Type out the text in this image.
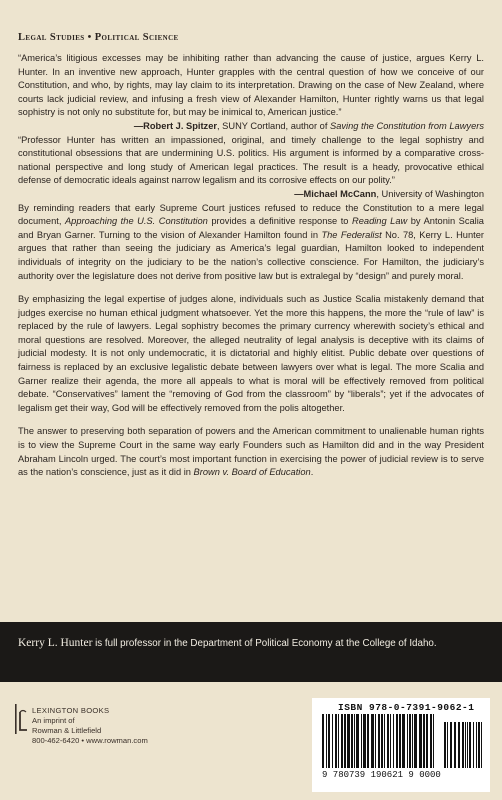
Legal Studies • Political Science

“America’s litigious excesses may be inhibiting rather than advancing the cause of justice, argues Kerry L. Hunter. In an inventive new approach, Hunter grapples with the central question of how we conceive of our Constitution, and who, by rights, may lay claim to its interpretation. Drawing on the case of New Zealand, where courts lack judicial review, and infusing a fresh view of Alexander Hamilton, Hunter rightly warns us that legal sophistry is not only no substitute for, but may be inimical to, American justice.”

—Robert J. Spitzer, SUNY Cortland, author of Saving the Constitution from Lawyers

“Professor Hunter has written an impassioned, original, and timely challenge to the legal sophistry and constitutional obsessions that are undermining U.S. politics. His argument is informed by a comparative cross-national perspective and long study of American legal practices. The result is a heady, provocative ethical defense of democratic ideals against narrow legalism and its corrosive effects on our polity.”

—Michael McCann, University of Washington

By reminding readers that early Supreme Court justices refused to reduce the Constitution to a mere legal document, Approaching the U.S. Constitution provides a definitive response to Reading Law by Antonin Scalia and Bryan Garner. Turning to the vision of Alexander Hamilton found in The Federalist No. 78, Kerry L. Hunter argues that rather than seeing the judiciary as America’s legal guardian, Hamilton looked to independent individuals of integrity on the judiciary to be the nation’s collective conscience. For Hamilton, the judiciary’s authority over the legislature does not derive from positive law but is extralegal by “design” and purely moral.

By emphasizing the legal expertise of judges alone, individuals such as Justice Scalia mistakenly demand that judges exercise no human ethical judgment whatsoever. Yet the more this happens, the more the “rule of law” is replaced by the rule of lawyers. Legal sophistry becomes the primary currency wherewith society’s ethical and moral questions are resolved. Moreover, the alleged neutrality of legal analysis is deceptive with its claims of judicial modesty. It is not only undemocratic, it is dictatorial and highly elitist. Public debate over questions of fairness is replaced by an exclusive legalistic debate between lawyers over what is legal. The more Scalia and Garner realize their agenda, the more all appeals to what is moral will be effectively removed from political debate. “Conservatives” lament the “removing of God from the classroom” by “liberals”; yet if the advocates of legalism get their way, God will be effectively removed from the polis altogether.

The answer to preserving both separation of powers and the American commitment to unalienable human rights is to view the Supreme Court in the same way early Founders such as Hamilton did and in the way President Abraham Lincoln urged. The court’s most important function in exercising the power of judicial review is to serve as the nation’s conscience, just as it did in Brown v. Board of Education.

Kerry L. Hunter is full professor in the Department of Political Economy at the College of Idaho.
LEXINGTON BOOKS
An imprint of
Rowman & Littlefield
800-462-6420 • www.rowman.com
ISBN 978-0-7391-9062-1
9 780739 190621 9 0000
